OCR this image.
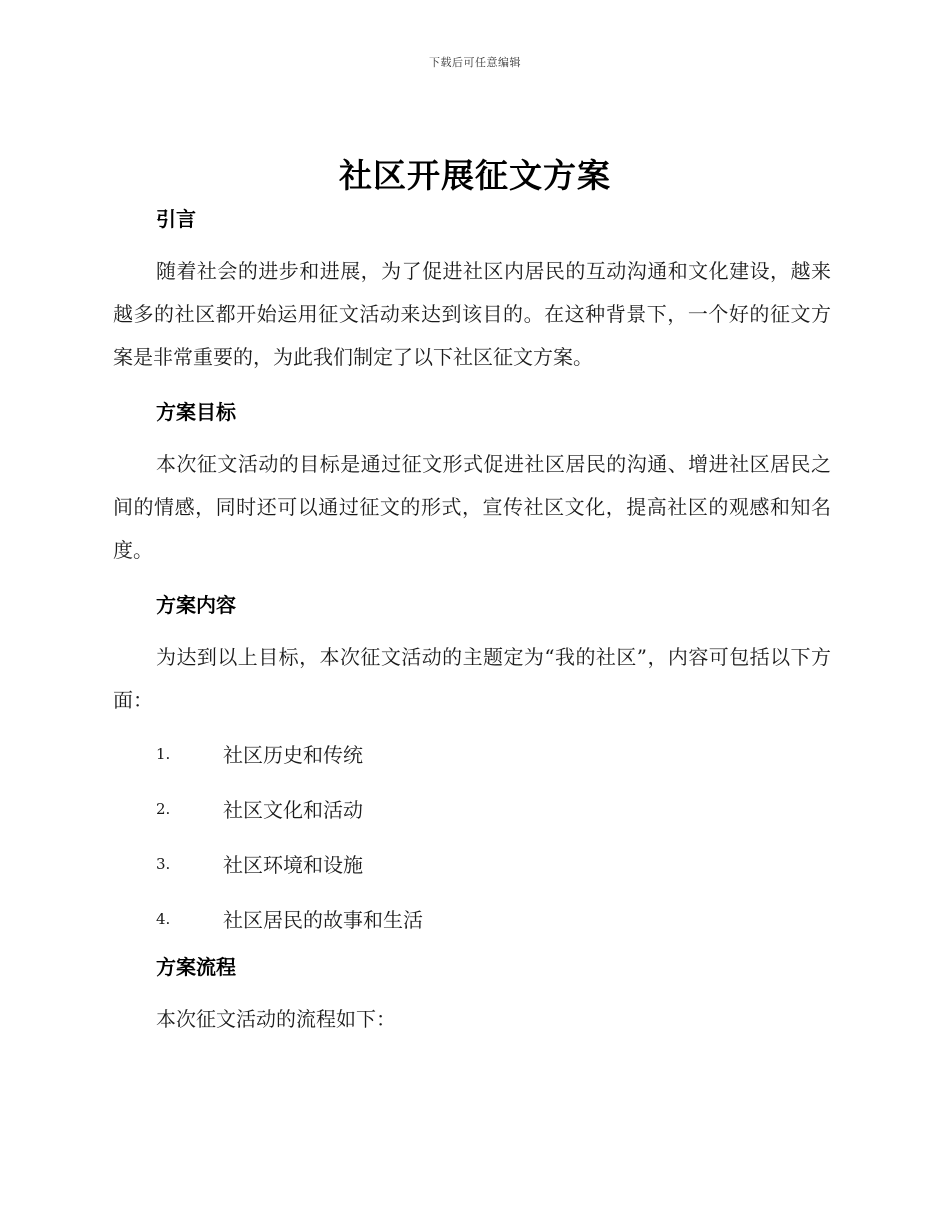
下载后可任意编辑
社区开展征文方案
引言

随着社会的进步和进展，为了促进社区内居民的互动沟通和文化建设，越来越多的社区都开始运用征文活动来达到该目的。在这种背景下，一个好的征文方案是非常重要的，为此我们制定了以下社区征文方案。

方案目标

本次征文活动的目标是通过征文形式促进社区居民的沟通、增进社区居民之间的情感，同时还可以通过征文的形式，宣传社区文化，提高社区的观感和知名度。

方案内容

为达到以上目标，本次征文活动的主题定为“我的社区”，内容可包括以下方面：

1.	社区历史和传统
2.	社区文化和活动
3.	社区环境和设施
4.	社区居民的故事和生活
方案流程

本次征文活动的流程如下：
